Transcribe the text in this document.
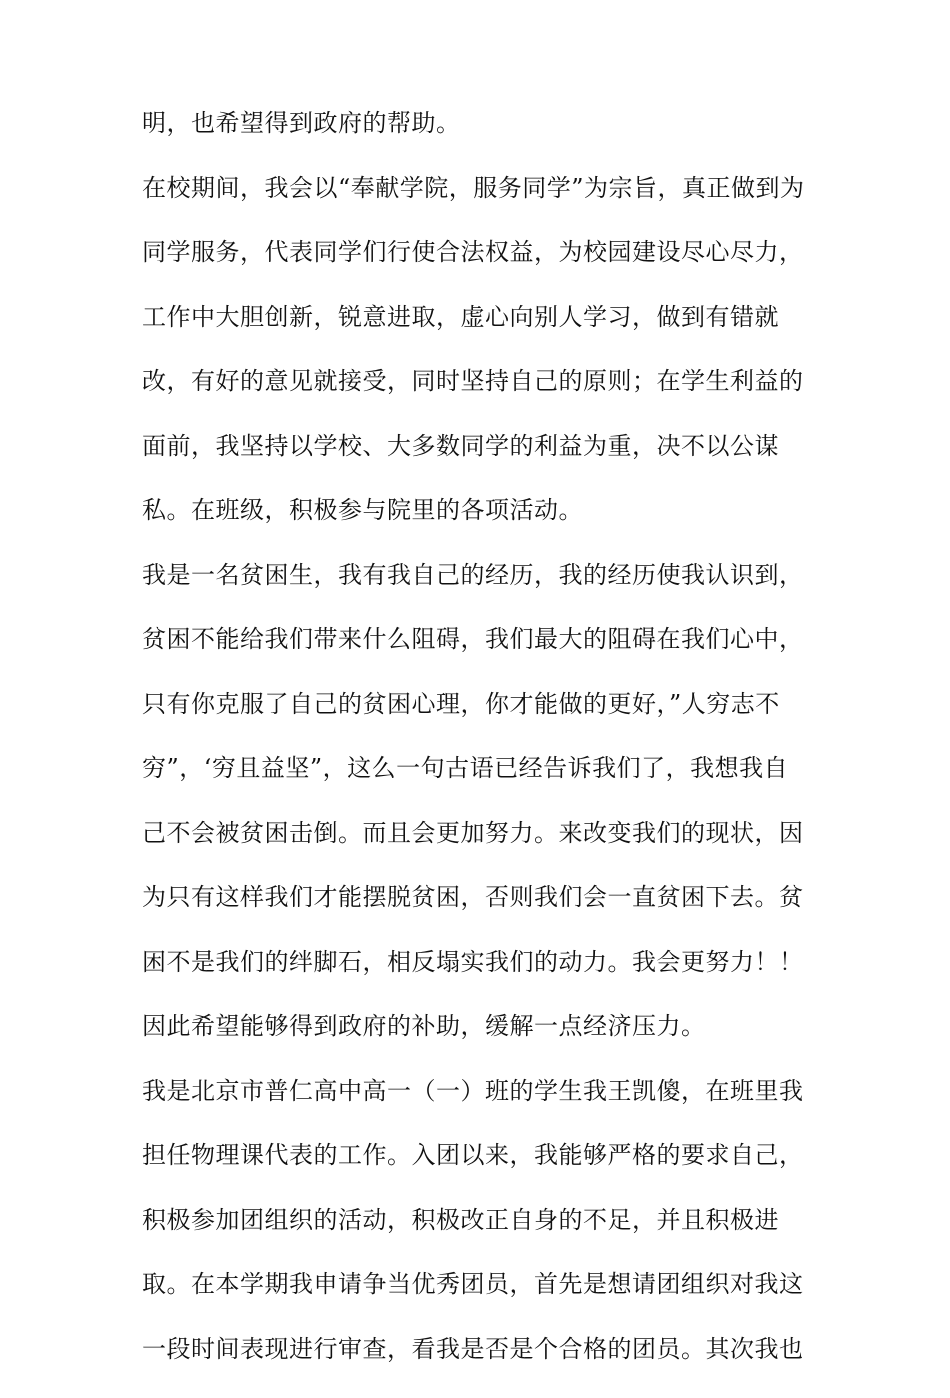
明，也希望得到政府的帮助。
在校期间，我会以“奉献学院，服务同学”为宗旨，真正做到为
同学服务，代表同学们行使合法权益，为校园建设尽心尽力，
工作中大胆创新，锐意进取，虚心向别人学习，做到有错就
改，有好的意见就接受，同时坚持自己的原则；在学生利益的
面前，我坚持以学校、大多数同学的利益为重，决不以公谋
私。在班级，积极参与院里的各项活动。
我是一名贫困生，我有我自己的经历，我的经历使我认识到，
贫困不能给我们带来什么阻碍，我们最大的阻碍在我们心中，
只有你克服了自己的贫困心理，你才能做的更好，”人穷志不
穷”，‘穷且益坚”，这么一句古语已经告诉我们了，我想我自
己不会被贫困击倒。而且会更加努力。来改变我们的现状，因
为只有这样我们才能摆脱贫困，否则我们会一直贫困下去。贫
困不是我们的绊脚石，相反塌实我们的动力。我会更努力！！
因此希望能够得到政府的补助，缓解一点经济压力。
我是北京市普仁高中高一（一）班的学生我王凯傻，在班里我
担任物理课代表的工作。入团以来，我能够严格的要求自己，
积极参加团组织的活动，积极改正自身的不足，并且积极进
取。在本学期我申请争当优秀团员，首先是想请团组织对我这
一段时间表现进行审查，看我是否是个合格的团员。其次我也
